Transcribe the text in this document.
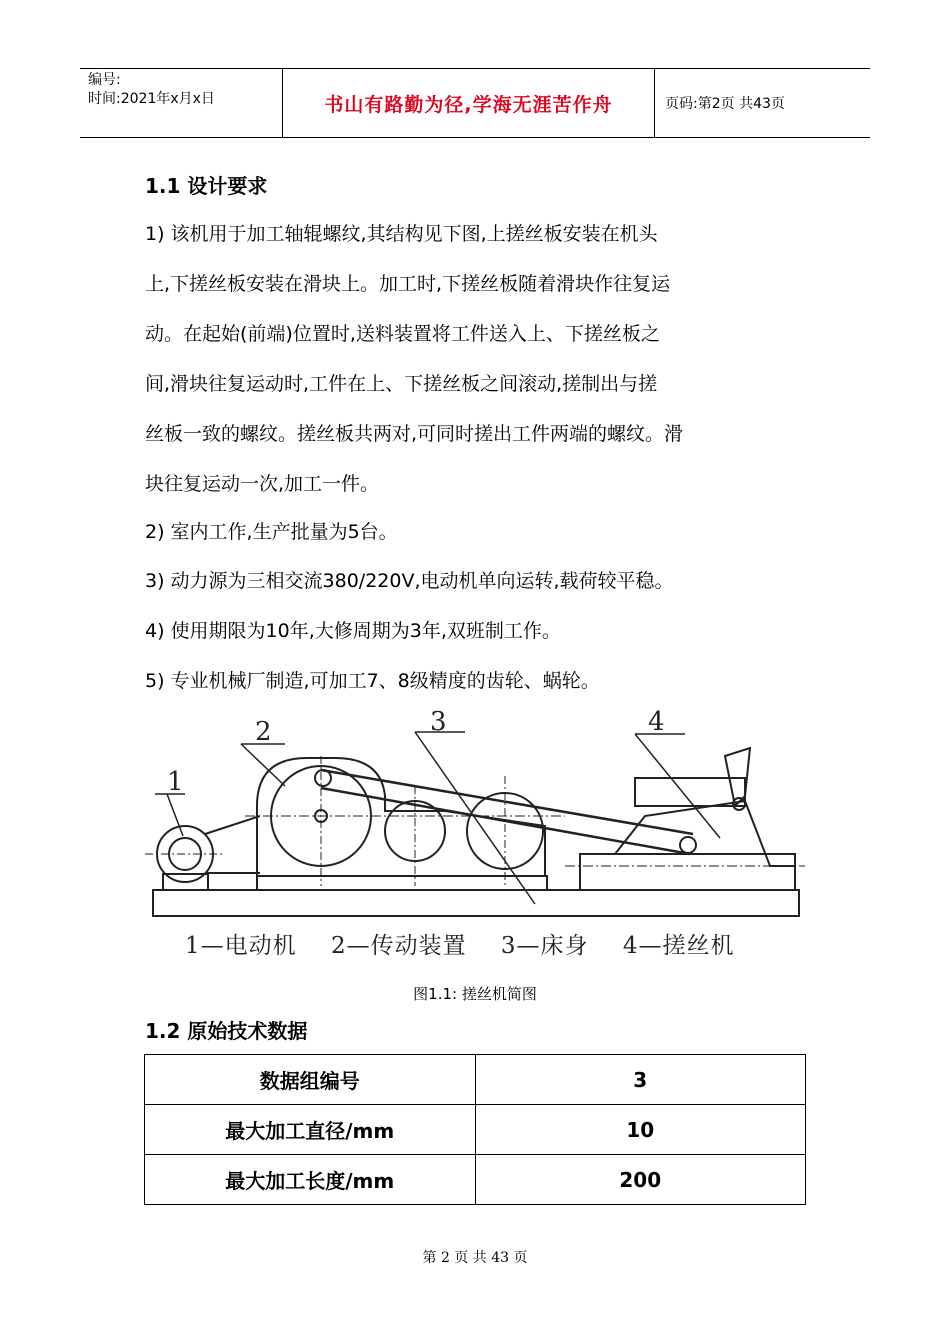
编号:
时间:2021年x月x日	书山有路勤为径,学海无涯苦作舟	页码:第2页 共43页
1.1 设计要求

1) 该机用于加工轴辊螺纹,其结构见下图,上搓丝板安装在机头

上,下搓丝板安装在滑块上。加工时,下搓丝板随着滑块作往复运

动。在起始(前端)位置时,送料装置将工件送入上、下搓丝板之

间,滑块往复运动时,工件在上、下搓丝板之间滚动,搓制出与搓

丝板一致的螺纹。搓丝板共两对,可同时搓出工件两端的螺纹。滑

块往复运动一次,加工一件。

2) 室内工作,生产批量为5台。
3) 动力源为三相交流380/220V,电动机单向运转,载荷较平稳。
4) 使用期限为10年,大修周期为3年,双班制工作。
5) 专业机械厂制造,可加工7、8级精度的齿轮、蜗轮。
1
2	3	4
1—电动机 2—传动装置 3—床身 4—搓丝机
图1.1: 搓丝机简图
1.2 原始技术数据
数据组编号	3
最大加工直径/mm	10
最大加工长度/mm	200
第 2 页 共 43 页
